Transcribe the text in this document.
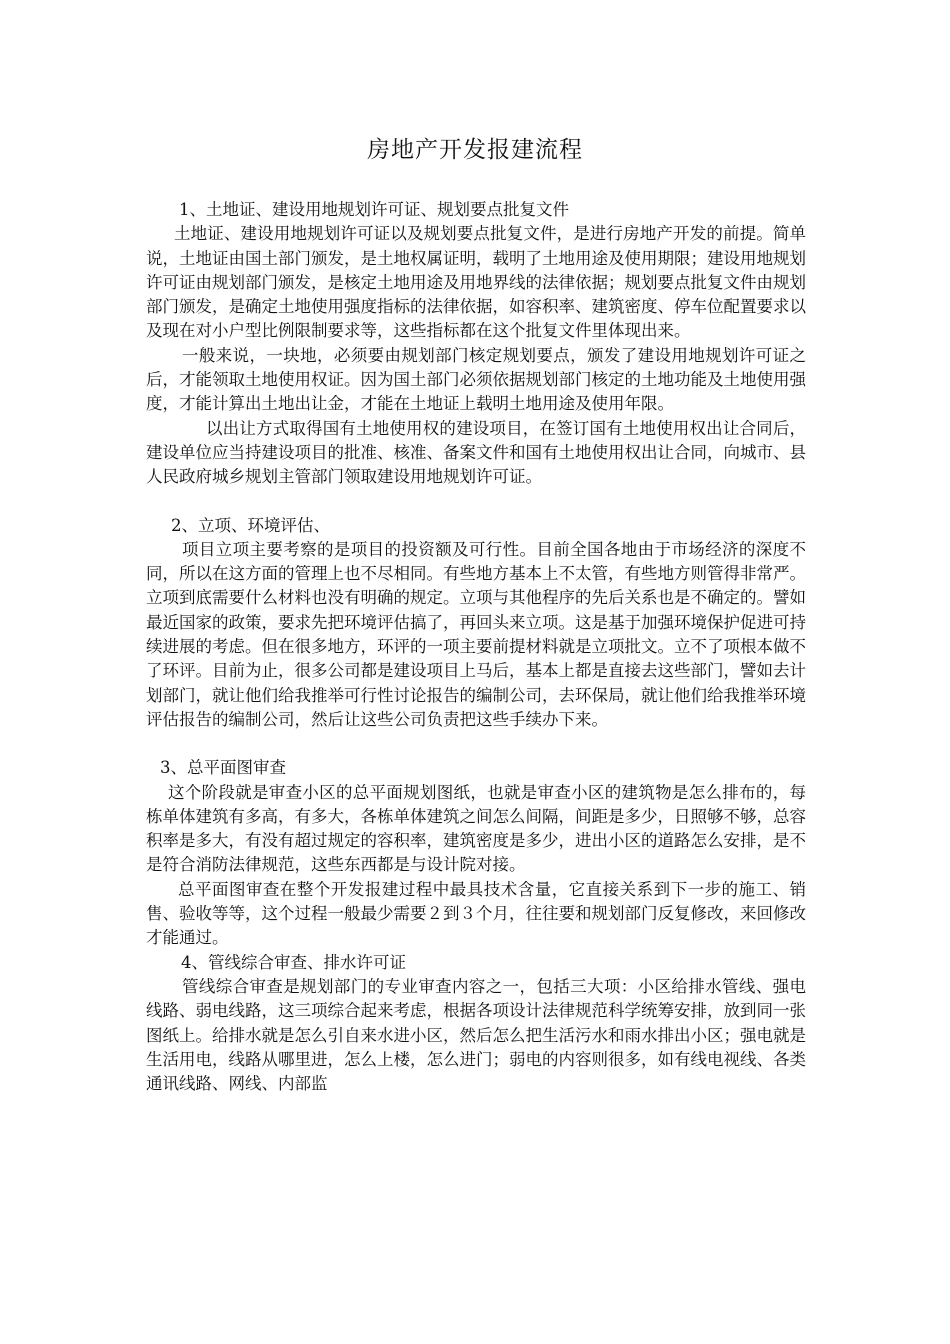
房地产开发报建流程

1、土地证、建设用地规划许可证、规划要点批复文件

土地证、建设用地规划许可证以及规划要点批复文件，是进行房地产开发的前提。简单说，土地证由国土部门颁发，是土地权属证明，载明了土地用途及使用期限；建设用地规划许可证由规划部门颁发，是核定土地用途及用地界线的法律依据；规划要点批复文件由规划部门颁发，是确定土地使用强度指标的法律依据，如容积率、建筑密度、停车位配置要求以及现在对小户型比例限制要求等，这些指标都在这个批复文件里体现出来。

一般来说，一块地，必须要由规划部门核定规划要点，颁发了建设用地规划许可证之后，才能领取土地使用权证。因为国土部门必须依据规划部门核定的土地功能及土地使用强度，才能计算出土地出让金，才能在土地证上载明土地用途及使用年限。

以出让方式取得国有土地使用权的建设项目，在签订国有土地使用权出让合同后，建设单位应当持建设项目的批准、核准、备案文件和国有土地使用权出让合同，向城市、县人民政府城乡规划主管部门领取建设用地规划许可证。

2、立项、环境评估、

项目立项主要考察的是项目的投资额及可行性。目前全国各地由于市场经济的深度不同，所以在这方面的管理上也不尽相同。有些地方基本上不太管，有些地方则管得非常严。立项到底需要什么材料也没有明确的规定。立项与其他程序的先后关系也是不确定的。譬如最近国家的政策，要求先把环境评估搞了，再回头来立项。这是基于加强环境保护促进可持续进展的考虑。但在很多地方，环评的一项主要前提材料就是立项批文。立不了项根本做不了环评。目前为止，很多公司都是建设项目上马后，基本上都是直接去这些部门，譬如去计划部门，就让他们给我推举可行性讨论报告的编制公司，去环保局，就让他们给我推举环境评估报告的编制公司，然后让这些公司负责把这些手续办下来。

3、总平面图审查

这个阶段就是审查小区的总平面规划图纸，也就是审查小区的建筑物是怎么排布的，每栋单体建筑有多高，有多大，各栋单体建筑之间怎么间隔，间距是多少，日照够不够，总容积率是多大，有没有超过规定的容积率，建筑密度是多少，进出小区的道路怎么安排，是不是符合消防法律规范，这些东西都是与设计院对接。

总平面图审查在整个开发报建过程中最具技术含量，它直接关系到下一步的施工、销售、验收等等，这个过程一般最少需要２到３个月，往往要和规划部门反复修改，来回修改才能通过。

4、管线综合审查、排水许可证

管线综合审查是规划部门的专业审查内容之一，包括三大项：小区给排水管线、强电线路、弱电线路，这三项综合起来考虑，根据各项设计法律规范科学统筹安排，放到同一张图纸上。给排水就是怎么引自来水进小区，然后怎么把生活污水和雨水排出小区；强电就是生活用电，线路从哪里进，怎么上楼，怎么进门；弱电的内容则很多，如有线电视线、各类通讯线路、网线、内部监
